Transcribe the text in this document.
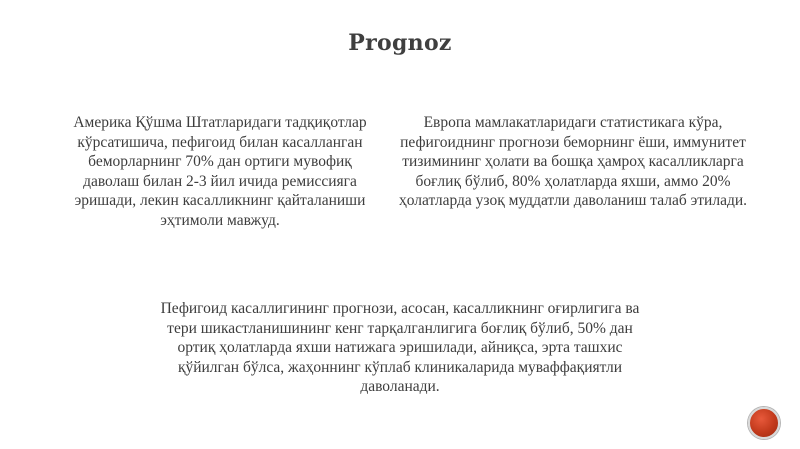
Prognoz
Америка Қўшма Штатларидаги тадқиқотлар кўрсатишича, пефигоид билан касалланган беморларнинг 70% дан ортиги мувофиқ даволаш билан 2-3 йил ичида ремиссияга эришади, лекин касалликнинг қайталаниши эҳтимоли мавжуд.
Европа мамлакатларидаги статистикага кўра, пефигоиднинг прогнози беморнинг ёши, иммунитет тизимининг ҳолати ва бошқа ҳамроҳ касалликларга боғлиқ бўлиб, 80% ҳолатларда яхши, аммо 20% ҳолатларда узоқ муддатли даволаниш талаб этилади.
Пефигоид касаллигининг прогнози, асосан, касалликнинг оғирлигига ва тери шикастланишининг кенг тарқалганлигига боғлиқ бўлиб, 50% дан ортиқ ҳолатларда яхши натижага эришилади, айниқса, эрта ташхис қўйилган бўлса, жаҳоннинг кўплаб клиникаларида муваффақиятли даволанади.
